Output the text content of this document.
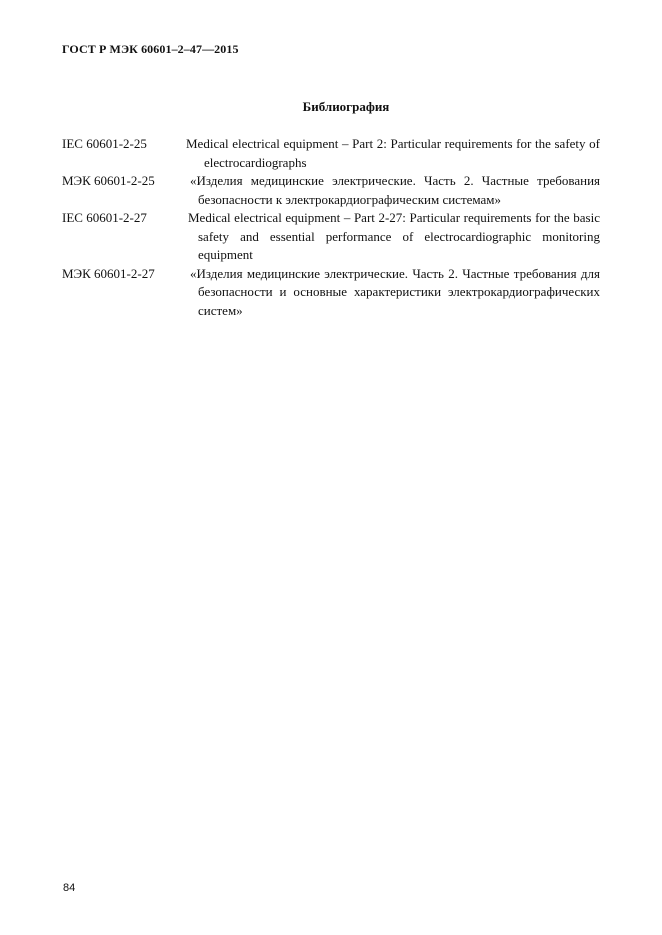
ГОСТ Р МЭК 60601–2–47—2015
Библиография
IEC 60601-2-25	Medical electrical equipment – Part 2: Particular requirements for the safety of electrocardiographs
МЭК 60601-2-25	«Изделия медицинские электрические. Часть 2. Частные требования безопасности к электрокардиографическим системам»
IEC 60601-2-27	Medical electrical equipment – Part 2-27: Particular requirements for the basic safety and essential performance of electrocardiographic monitoring equipment
МЭК 60601-2-27	«Изделия медицинские электрические. Часть 2. Частные требования для безопасности и основные характеристики электрокардиографических систем»
84
